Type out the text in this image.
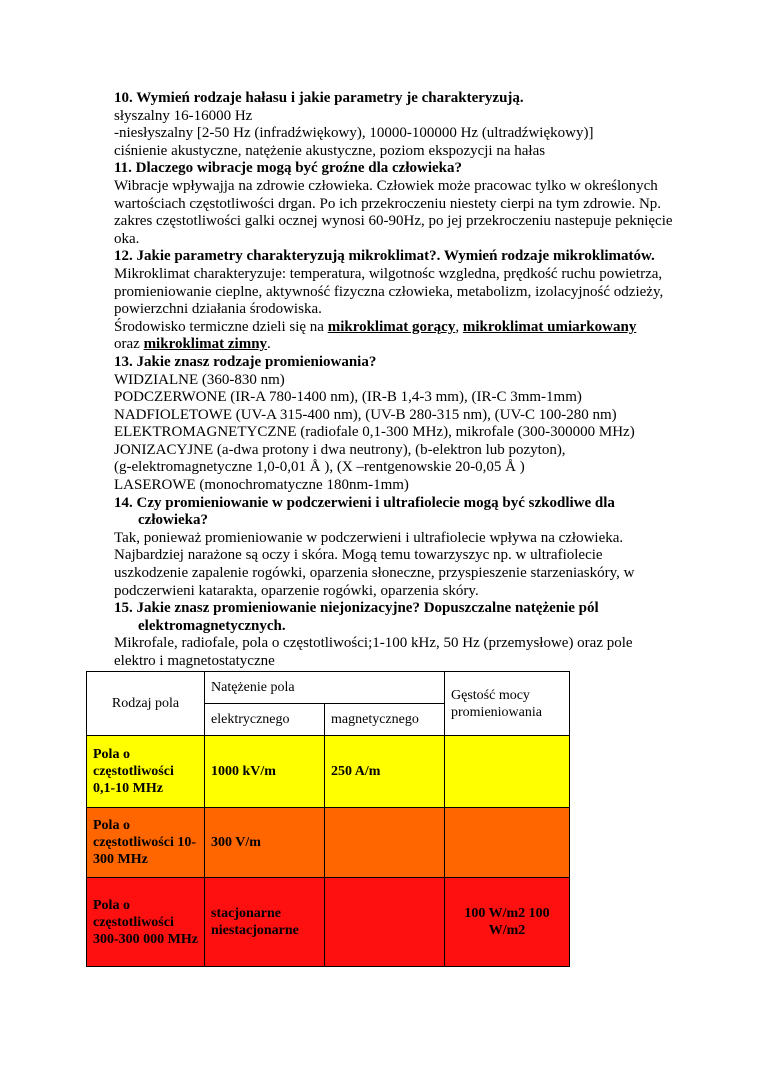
10. Wymień rodzaje hałasu i jakie parametry je charakteryzują.

słyszalny 16-16000 Hz

-niesłyszalny [2-50 Hz (infradźwiękowy), 10000-100000 Hz (ultradźwiękowy)]

ciśnienie akustyczne, natężenie akustyczne, poziom ekspozycji na hałas

11. Dlaczego wibracje mogą być groźne dla człowieka?

Wibracje wpływajja na zdrowie człowieka. Człowiek może pracowac tylko w określonych wartościach częstotliwości drgan. Po ich przekroczeniu niestety cierpi na tym zdrowie. Np. zakres częstotliwości galki ocznej wynosi 60-90Hz, po jej przekroczeniu nastepuje peknięcie oka.

12. Jakie parametry charakteryzują mikroklimat?. Wymień rodzaje mikroklimatów.

Mikroklimat charakteryzuje: temperatura, wilgotnośc wzgledna, prędkość ruchu powietrza, promieniowanie cieplne, aktywność fizyczna człowieka, metabolizm, izolacyjność odzieży, powierzchni działania środowiska.

Środowisko termiczne dzieli się na mikroklimat gorący, mikroklimat umiarkowany
oraz mikroklimat zimny.

13. Jakie znasz rodzaje promieniowania?

WIDZIALNE (360-830 nm)

PODCZERWONE (IR-A 780-1400 nm), (IR-B 1,4-3 mm), (IR-C 3mm-1mm)

NADFIOLETOWE (UV-A 315-400 nm), (UV-B 280-315 nm), (UV-C 100-280 nm)

ELEKTROMAGNETYCZNE (radiofale 0,1-300 MHz), mikrofale (300-300000 MHz)

JONIZACYJNE (a-dwa protony i dwa neutrony), (b-elektron lub pozyton),

(g-elektromagnetyczne 1,0-0,01 Å ), (X –rentgenowskie 20-0,05 Å )

LASEROWE (monochromatyczne 180nm-1mm)

14. Czy promieniowanie w podczerwieni i ultrafiolecie mogą być szkodliwe dla człowieka?

Tak, ponieważ promieniowanie w podczerwieni i ultrafiolecie wpływa na człowieka. Najbardziej narażone są oczy i skóra. Mogą temu towarzyszyc np. w ultrafiolecie uszkodzenie zapalenie rogówki, oparzenia słoneczne, przyspieszenie starzeniaskóry, w podczerwieni katarakta, oparzenie rogówki, oparzenia skóry.

15. Jakie znasz promieniowanie niejonizacyjne? Dopuszczalne natężenie pól elektromagnetycznych.

Mikrofale, radiofale, pola o częstotliwości;1-100 kHz, 50 Hz (przemysłowe) oraz pole elektro i magnetostatyczne

Rodzaj pola	Natężenie pola		Gęstość mocy promieniowania
	elektrycznego	magnetycznego	
Pola o częstotliwości 0,1-10 MHz	1000 kV/m	250 A/m	
Pola o częstotliwości 10-300 MHz	300 V/m		
Pola o częstotliwości 300-300 000 MHz	stacjonarne niestacjonarne		100 W/m2 100 W/m2
